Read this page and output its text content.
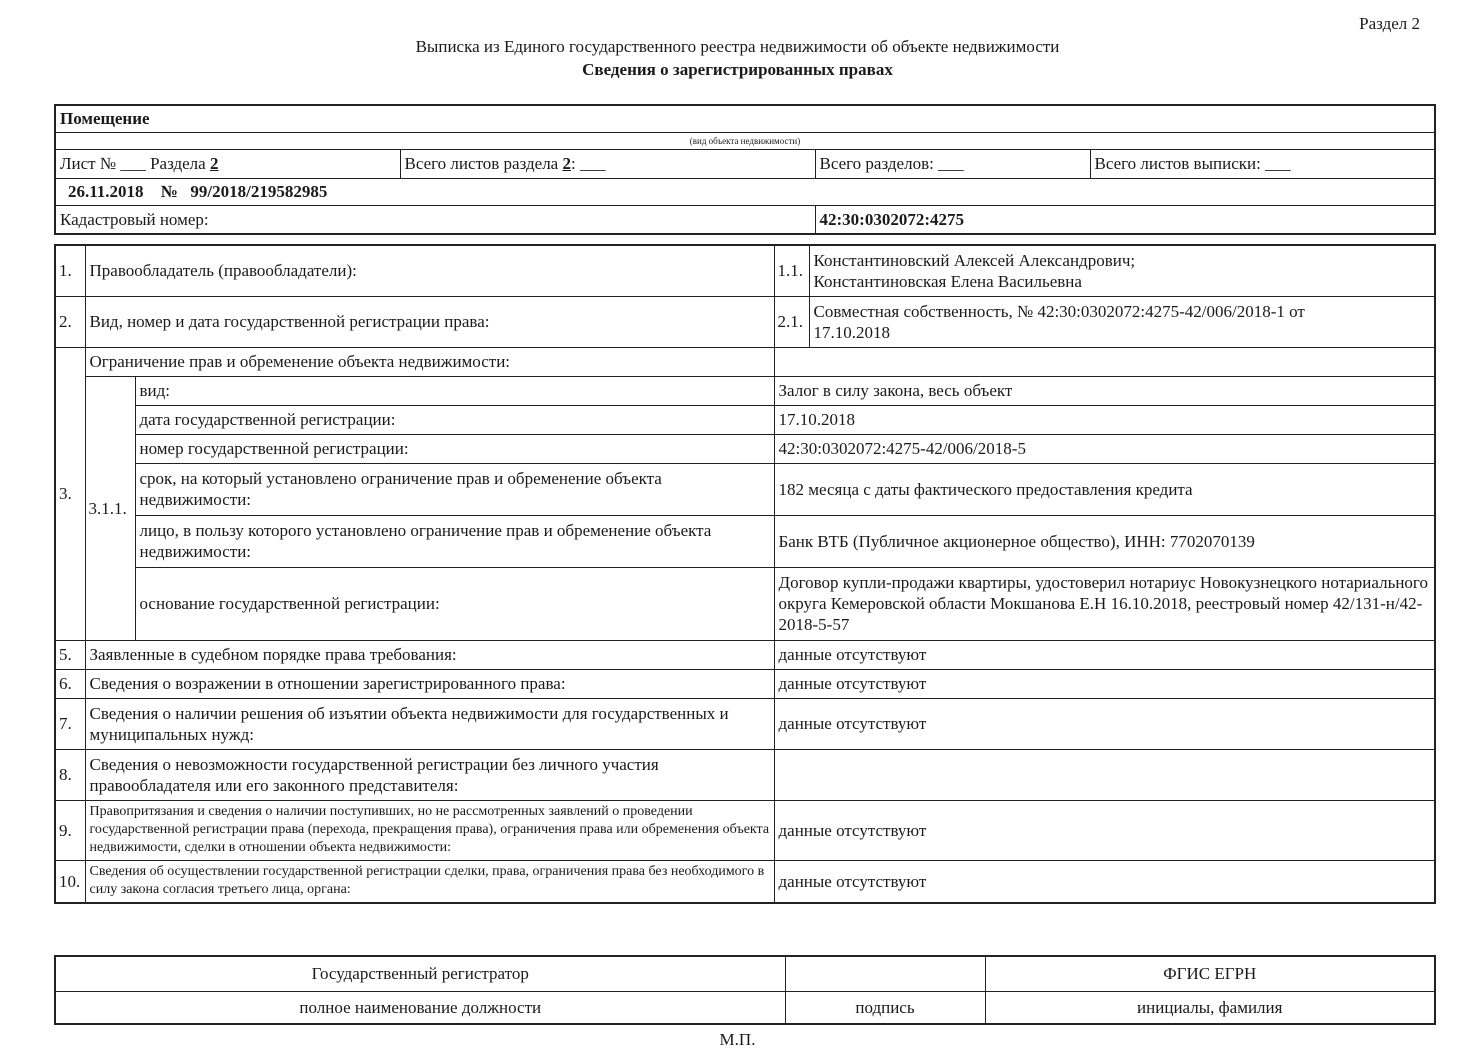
Раздел 2
Выписка из Единого государственного реестра недвижимости об объекте недвижимости
Сведения о зарегистрированных правах
Помещение			
(вид объекта недвижимости)			
Лист № ___ Раздела 2	Всего листов раздела 2: ___	Всего разделов: ___	Всего листов выписки: ___
26.11.2018 № 99/2018/219582985			
Кадастровый номер:		42:30:0302072:4275	
1.	Правообладатель (правообладатели):		1.1.	Константиновский Алексей Александрович;
Константиновская Елена Васильевна

2.	Вид, номер и дата государственной регистрации права:		2.1.	Совместная собственность, № 42:30:0302072:4275-42/006/2018-1 от
17.10.2018

3.	Ограничение прав и обременение объекта недвижимости:			
	3.1.1.	вид:	Залог в силу закона, весь объект	
		дата государственной регистрации:	17.10.2018	
		номер государственной регистрации:	42:30:0302072:4275-42/006/2018-5	
		срок, на который установлено ограничение прав и обременение объекта недвижимости:	182 месяца с даты фактического предоставления кредита	
		лицо, в пользу которого установлено ограничение прав и обременение объекта недвижимости:	Банк ВТБ (Публичное акционерное общество), ИНН: 7702070139	
		основание государственной регистрации:	Договор купли-продажи квартиры, удостоверил нотариус Новокузнецкого нотариального округа Кемеровской области Мокшанова Е.Н 16.10.2018, реестровый номер 42/131-н/42-2018-5-57	
5.	Заявленные в судебном порядке права требования:		данные отсутствуют	
6.	Сведения о возражении в отношении зарегистрированного права:		данные отсутствуют	
7.	Сведения о наличии решения об изъятии объекта недвижимости для государственных и муниципальных нужд:		данные отсутствуют	
8.	Сведения о невозможности государственной регистрации без личного участия правообладателя или его законного представителя:			
9.	Правопритязания и сведения о наличии поступивших, но не рассмотренных заявлений о проведении государственной регистрации права (перехода, прекращения права), ограничения права или обременения объекта недвижимости, сделки в отношении объекта недвижимости:		данные отсутствуют	
10.	Сведения об осуществлении государственной регистрации сделки, права, ограничения права без необходимого в силу закона согласия третьего лица, органа:		данные отсутствуют	
Государственный регистратор		ФГИС ЕГРН
полное наименование должности	подпись	инициалы, фамилия
М.П.
